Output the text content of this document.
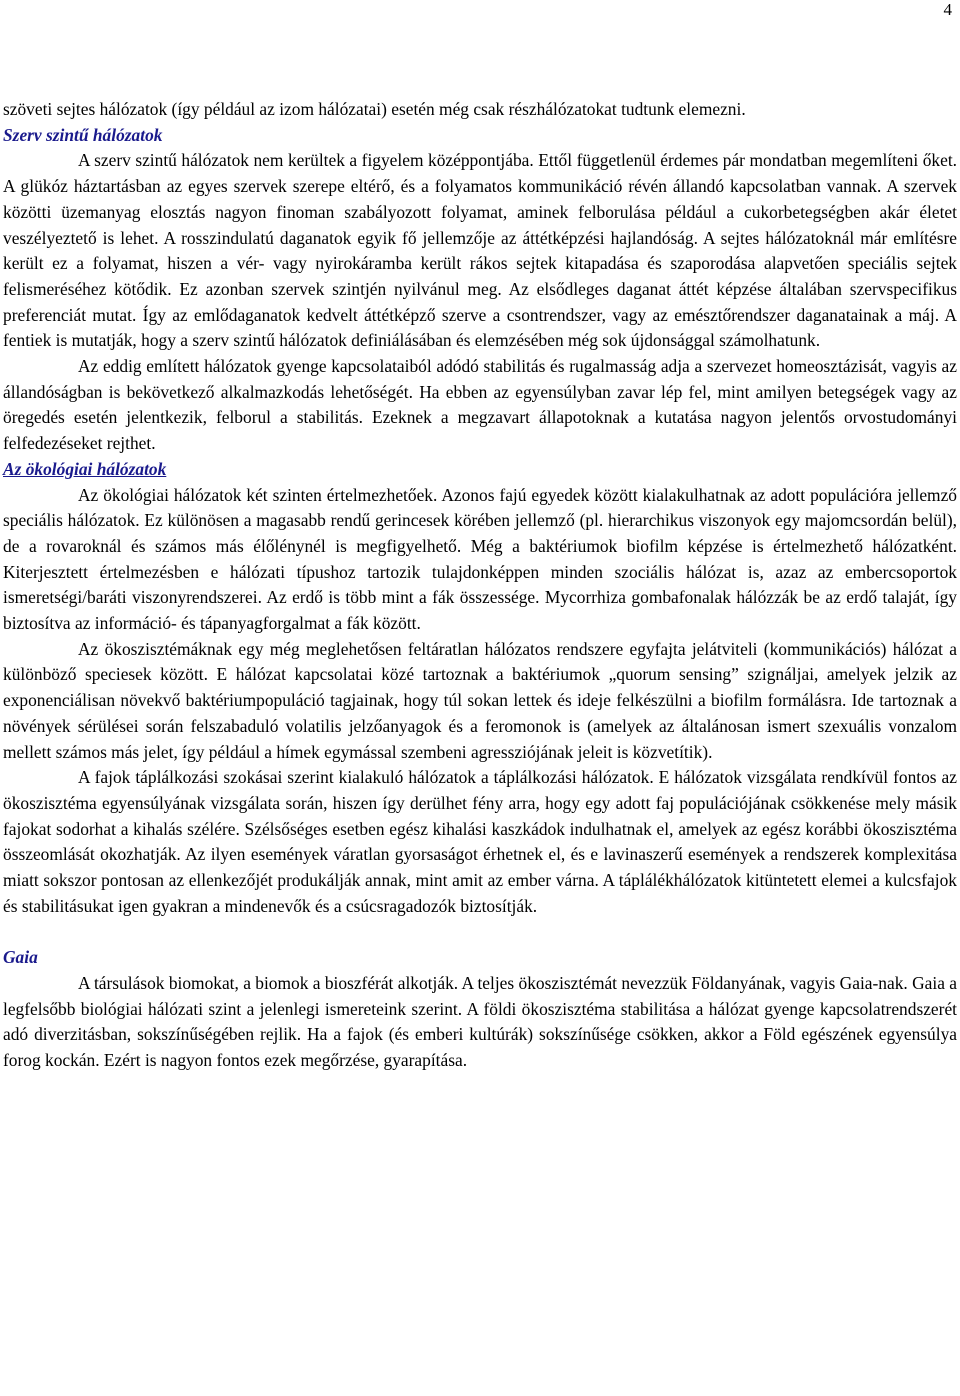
4

szöveti sejtes hálózatok (így például az izom hálózatai) esetén még csak részhálózatokat tudtunk elemezni.

Szerv szintű hálózatok

A szerv szintű hálózatok nem kerültek a figyelem középpontjába. Ettől függetlenül érdemes pár mondatban megemlíteni őket. A glükóz háztartásban az egyes szervek szerepe eltérő, és a folyamatos kommunikáció révén állandó kapcsolatban vannak. A szervek közötti üzemanyag elosztás nagyon finoman szabályozott folyamat, aminek felborulása például a cukorbetegségben akár életet veszélyeztető is lehet. A rosszindulatú daganatok egyik fő jellemzője az áttétképzési hajlandóság. A sejtes hálózatoknál már említésre került ez a folyamat, hiszen a vér- vagy nyirokáramba került rákos sejtek kitapadása és szaporodása alapvetően speciális sejtek felismeréséhez kötődik. Ez azonban szervek szintjén nyilvánul meg. Az elsődleges daganat áttét képzése általában szervspecifikus preferenciát mutat. Így az emlődaganatok kedvelt áttétképző szerve a csontrendszer, vagy az emésztőrendszer daganatainak a máj. A fentiek is mutatják, hogy a szerv szintű hálózatok definiálásában és elemzésében még sok újdonsággal számolhatunk.

Az eddig említett hálózatok gyenge kapcsolataiból adódó stabilitás és rugalmasság adja a szervezet homeosztázisát, vagyis az állandóságban is bekövetkező alkalmazkodás lehetőségét. Ha ebben az egyensúlyban zavar lép fel, mint amilyen betegségek vagy az öregedés esetén jelentkezik, felborul a stabilitás. Ezeknek a megzavart állapotoknak a kutatása nagyon jelentős orvostudományi felfedezéseket rejthet.

Az ökológiai hálózatok

Az ökológiai hálózatok két szinten értelmezhetőek. Azonos fajú egyedek között kialakulhatnak az adott populációra jellemző speciális hálózatok. Ez különösen a magasabb rendű gerincesek körében jellemző (pl. hierarchikus viszonyok egy majomcsordán belül), de a rovaroknál és számos más élőlénynél is megfigyelhető. Még a baktériumok biofilm képzése is értelmezhető hálózatként. Kiterjesztett értelmezésben e hálózati típushoz tartozik tulajdonképpen minden szociális hálózat is, azaz az embercsoportok ismeretségi/baráti viszonyrendszerei. Az erdő is több mint a fák összessége. Mycorrhiza gombafonalak hálózzák be az erdő talaját, így biztosítva az információ- és tápanyagforgalmat a fák között.

Az ökoszisztémáknak egy még meglehetősen feltáratlan hálózatos rendszere egyfajta jelátviteli (kommunikációs) hálózat a különböző speciesek között. E hálózat kapcsolatai közé tartoznak a baktériumok „quorum sensing” szignáljai, amelyek jelzik az exponenciálisan növekvő baktériumpopuláció tagjainak, hogy túl sokan lettek és ideje felkészülni a biofilm formálásra. Ide tartoznak a növények sérülései során felszabaduló volatilis jelzőanyagok és a feromonok is (amelyek az általánosan ismert szexuális vonzalom mellett számos más jelet, így például a hímek egymással szembeni agressziójának jeleit is közvetítik).

A fajok táplálkozási szokásai szerint kialakuló hálózatok a táplálkozási hálózatok. E hálózatok vizsgálata rendkívül fontos az ökoszisztéma egyensúlyának vizsgálata során, hiszen így derülhet fény arra, hogy egy adott faj populációjának csökkenése mely másik fajokat sodorhat a kihalás szélére. Szélsőséges esetben egész kihalási kaszkádok indulhatnak el, amelyek az egész korábbi ökoszisztéma összeomlását okozhatják. Az ilyen események váratlan gyorsaságot érhetnek el, és e lavinaszerű események a rendszerek komplexitása miatt sokszor pontosan az ellenkezőjét produkálják annak, mint amit az ember várna. A táplálékhálózatok kitüntetett elemei a kulcsfajok és stabilitásukat igen gyakran a mindenevők és a csúcsragadozók biztosítják.

Gaia

A társulások biomokat, a biomok a bioszférát alkotják. A teljes ökoszisztémát nevezzük Földanyának, vagyis Gaia-nak. Gaia a legfelsőbb biológiai hálózati szint a jelenlegi ismereteink szerint. A földi ökoszisztéma stabilitása a hálózat gyenge kapcsolatrendszerét adó diverzitásban, sokszínűségében rejlik. Ha a fajok (és emberi kultúrák) sokszínűsége csökken, akkor a Föld egészének egyensúlya forog kockán. Ezért is nagyon fontos ezek megőrzése, gyarapítása.
